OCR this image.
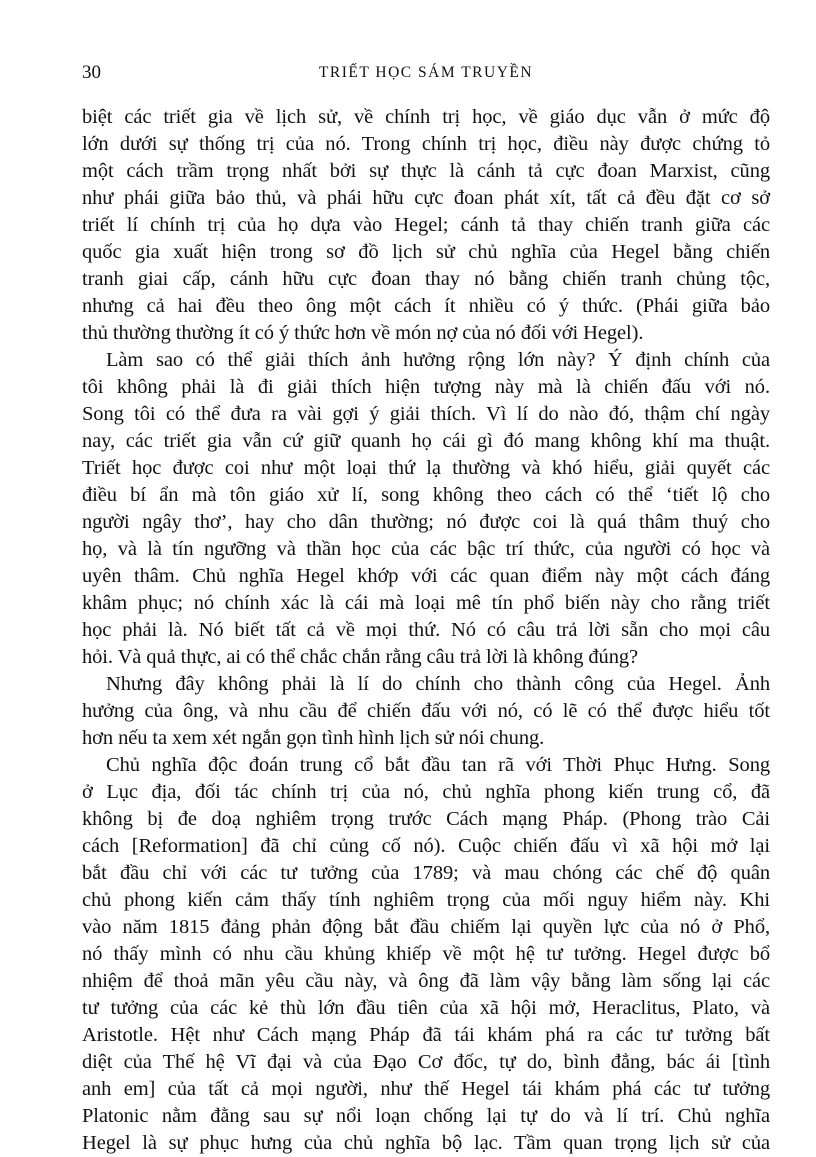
30	TRIẾT HỌC SÁM TRUYỀN
biệt các triết gia về lịch sử, về chính trị học, về giáo dục vẫn ở mức độ
lớn dưới sự thống trị của nó. Trong chính trị học, điều này được chứng tỏ
một cách trầm trọng nhất bởi sự thực là cánh tả cực đoan Marxist, cũng
như phái giữa bảo thủ, và phái hữu cực đoan phát xít, tất cả đều đặt cơ sở
triết lí chính trị của họ dựa vào Hegel; cánh tả thay chiến tranh giữa các
quốc gia xuất hiện trong sơ đồ lịch sử chủ nghĩa của Hegel bằng chiến
tranh giai cấp, cánh hữu cực đoan thay nó bằng chiến tranh chủng tộc,
nhưng cả hai đều theo ông một cách ít nhiều có ý thức. (Phái giữa bảo
thủ thường thường ít có ý thức hơn về món nợ của nó đối với Hegel).
Làm sao có thể giải thích ảnh hưởng rộng lớn này? Ý định chính của
tôi không phải là đi giải thích hiện tượng này mà là chiến đấu với nó.
Song tôi có thể đưa ra vài gợi ý giải thích. Vì lí do nào đó, thậm chí ngày
nay, các triết gia vẫn cứ giữ quanh họ cái gì đó mang không khí ma thuật.
Triết học được coi như một loại thứ lạ thường và khó hiểu, giải quyết các
điều bí ẩn mà tôn giáo xử lí, song không theo cách có thể ‘tiết lộ cho
người ngây thơ’, hay cho dân thường; nó được coi là quá thâm thuý cho
họ, và là tín ngưỡng và thần học của các bậc trí thức, của người có học và
uyên thâm. Chủ nghĩa Hegel khớp với các quan điểm này một cách đáng
khâm phục; nó chính xác là cái mà loại mê tín phổ biến này cho rằng triết
học phải là. Nó biết tất cả về mọi thứ. Nó có câu trả lời sẵn cho mọi câu
hỏi. Và quả thực, ai có thể chắc chắn rằng câu trả lời là không đúng?
Nhưng đây không phải là lí do chính cho thành công của Hegel. Ảnh
hưởng của ông, và nhu cầu để chiến đấu với nó, có lẽ có thể được hiểu tốt
hơn nếu ta xem xét ngắn gọn tình hình lịch sử nói chung.
Chủ nghĩa độc đoán trung cổ bắt đầu tan rã với Thời Phục Hưng. Song
ở Lục địa, đối tác chính trị của nó, chủ nghĩa phong kiến trung cổ, đã
không bị đe doạ nghiêm trọng trước Cách mạng Pháp. (Phong trào Cải
cách [Reformation] đã chỉ củng cố nó). Cuộc chiến đấu vì xã hội mở lại
bắt đầu chỉ với các tư tưởng của 1789; và mau chóng các chế độ quân
chủ phong kiến cảm thấy tính nghiêm trọng của mối nguy hiểm này. Khi
vào năm 1815 đảng phản động bắt đầu chiếm lại quyền lực của nó ở Phổ,
nó thấy mình có nhu cầu khủng khiếp về một hệ tư tưởng. Hegel được bổ
nhiệm để thoả mãn yêu cầu này, và ông đã làm vậy bằng làm sống lại các
tư tưởng của các kẻ thù lớn đầu tiên của xã hội mở, Heraclitus, Plato, và
Aristotle. Hệt như Cách mạng Pháp đã tái khám phá ra các tư tưởng bất
diệt của Thế hệ Vĩ đại và của Đạo Cơ đốc, tự do, bình đẳng, bác ái [tình
anh em] của tất cả mọi người, như thế Hegel tái khám phá các tư tưởng
Platonic nằm đằng sau sự nổi loạn chống lại tự do và lí trí. Chủ nghĩa
Hegel là sự phục hưng của chủ nghĩa bộ lạc. Tầm quan trọng lịch sử của
